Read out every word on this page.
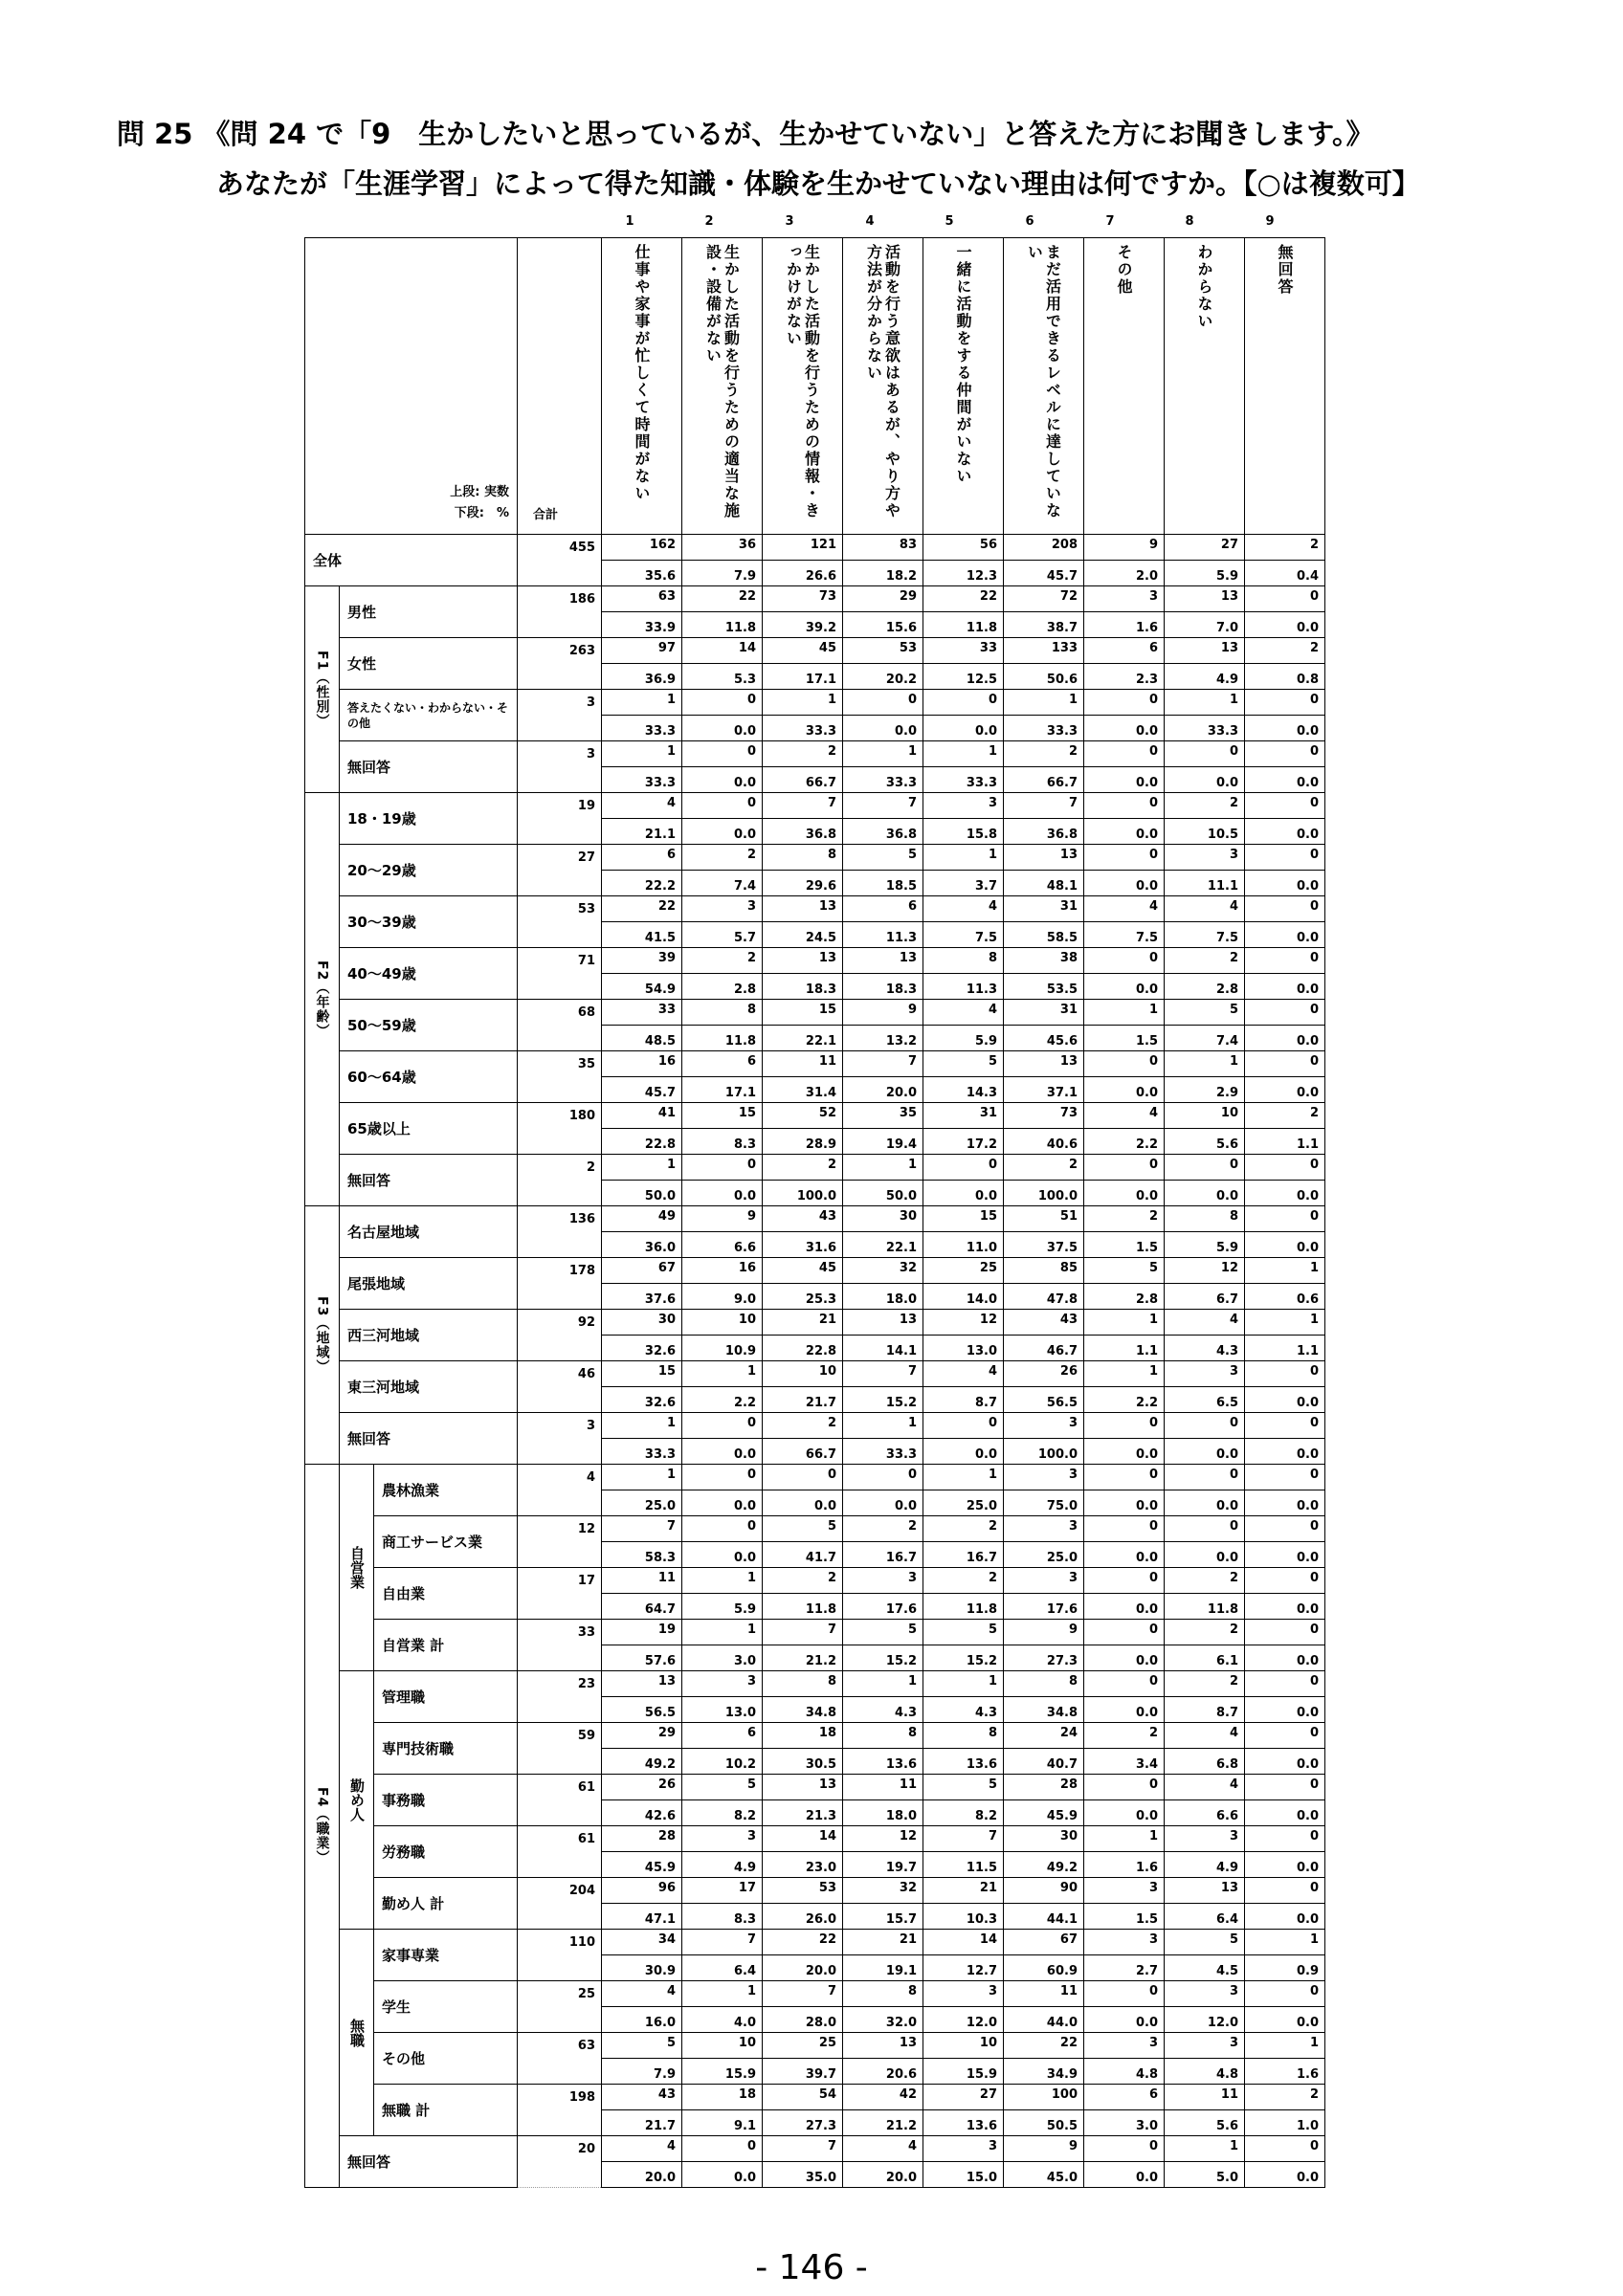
問 25 《問 24 で「9　生かしたいと思っているが、生かせていない」と答えた方にお聞きします。》
あなたが「生涯学習」によって得た知識・体験を生かせていない理由は何ですか。【○は複数可】
1	2	3	4	5	6	7	8	9
上段: 実数
下段:　%			合計	仕事や家事が忙しくて時間がない	生かした活動を行うための適当な施設・設備がない	生かした活動を行うための情報・きっかけがない	活動を行う意欲はあるが、やり方や方法が分からない	一緒に活動をする仲間がいない	まだ活用できるレベルに達していない	その他	わからない	無回答

全体			455	162	36	121	83	56	208	9	27	2
				35.6	7.9	26.6	18.2	12.3	45.7	2.0	5.9	0.4

F1（性別）	男性		186	63	22	73	29	22	72	3	13	0
				33.9	11.8	39.2	15.6	11.8	38.7	1.6	7.0	0.0
	女性		263	97	14	45	53	33	133	6	13	2
				36.9	5.3	17.1	20.2	12.5	50.6	2.3	4.9	0.8
	答えたくない・わからない・その他		3	1	0	1	0	0	1	0	1	0
				33.3	0.0	33.3	0.0	0.0	33.3	0.0	33.3	0.0
	無回答		3	1	0	2	1	1	2	0	0	0
				33.3	0.0	66.7	33.3	33.3	66.7	0.0	0.0	0.0

F2（年齢）	18・19歳		19	4	0	7	7	3	7	0	2	0
				21.1	0.0	36.8	36.8	15.8	36.8	0.0	10.5	0.0
	20～29歳		27	6	2	8	5	1	13	0	3	0
				22.2	7.4	29.6	18.5	3.7	48.1	0.0	11.1	0.0
	30～39歳		53	22	3	13	6	4	31	4	4	0
				41.5	5.7	24.5	11.3	7.5	58.5	7.5	7.5	0.0
	40～49歳		71	39	2	13	13	8	38	0	2	0
				54.9	2.8	18.3	18.3	11.3	53.5	0.0	2.8	0.0
	50～59歳		68	33	8	15	9	4	31	1	5	0
				48.5	11.8	22.1	13.2	5.9	45.6	1.5	7.4	0.0
	60～64歳		35	16	6	11	7	5	13	0	1	0
				45.7	17.1	31.4	20.0	14.3	37.1	0.0	2.9	0.0
	65歳以上		180	41	15	52	35	31	73	4	10	2
				22.8	8.3	28.9	19.4	17.2	40.6	2.2	5.6	1.1
	無回答		2	1	0	2	1	0	2	0	0	0
				50.0	0.0	100.0	50.0	0.0	100.0	0.0	0.0	0.0

F3（地域）	名古屋地域		136	49	9	43	30	15	51	2	8	0
				36.0	6.6	31.6	22.1	11.0	37.5	1.5	5.9	0.0
	尾張地域		178	67	16	45	32	25	85	5	12	1
				37.6	9.0	25.3	18.0	14.0	47.8	2.8	6.7	0.6
	西三河地域		92	30	10	21	13	12	43	1	4	1
				32.6	10.9	22.8	14.1	13.0	46.7	1.1	4.3	1.1
	東三河地域		46	15	1	10	7	4	26	1	3	0
				32.6	2.2	21.7	15.2	8.7	56.5	2.2	6.5	0.0
	無回答		3	1	0	2	1	0	3	0	0	0
				33.3	0.0	66.7	33.3	0.0	100.0	0.0	0.0	0.0

F4（職業）	自営業	農林漁業	4	1	0	0	0	1	3	0	0	0
				25.0	0.0	0.0	0.0	25.0	75.0	0.0	0.0	0.0
		商工サービス業	12	7	0	5	2	2	3	0	0	0
				58.3	0.0	41.7	16.7	16.7	25.0	0.0	0.0	0.0
		自由業	17	11	1	2	3	2	3	0	2	0
				64.7	5.9	11.8	17.6	11.8	17.6	0.0	11.8	0.0
		自営業 計	33	19	1	7	5	5	9	0	2	0
				57.6	3.0	21.2	15.2	15.2	27.3	0.0	6.1	0.0

	勤め人	管理職	23	13	3	8	1	1	8	0	2	0
				56.5	13.0	34.8	4.3	4.3	34.8	0.0	8.7	0.0
		専門技術職	59	29	6	18	8	8	24	2	4	0
				49.2	10.2	30.5	13.6	13.6	40.7	3.4	6.8	0.0
		事務職	61	26	5	13	11	5	28	0	4	0
				42.6	8.2	21.3	18.0	8.2	45.9	0.0	6.6	0.0
		労務職	61	28	3	14	12	7	30	1	3	0
				45.9	4.9	23.0	19.7	11.5	49.2	1.6	4.9	0.0
		勤め人 計	204	96	17	53	32	21	90	3	13	0
				47.1	8.3	26.0	15.7	10.3	44.1	1.5	6.4	0.0

	無職	家事専業	110	34	7	22	21	14	67	3	5	1
				30.9	6.4	20.0	19.1	12.7	60.9	2.7	4.5	0.9
		学生	25	4	1	7	8	3	11	0	3	0
				16.0	4.0	28.0	32.0	12.0	44.0	0.0	12.0	0.0
		その他	63	5	10	25	13	10	22	3	3	1
				7.9	15.9	39.7	20.6	15.9	34.9	4.8	4.8	1.6
		無職 計	198	43	18	54	42	27	100	6	11	2
				21.7	9.1	27.3	21.2	13.6	50.5	3.0	5.6	1.0
	無回答		20	4	0	7	4	3	9	0	1	0
				20.0	0.0	35.0	20.0	15.0	45.0	0.0	5.0	0.0
- 146 -
